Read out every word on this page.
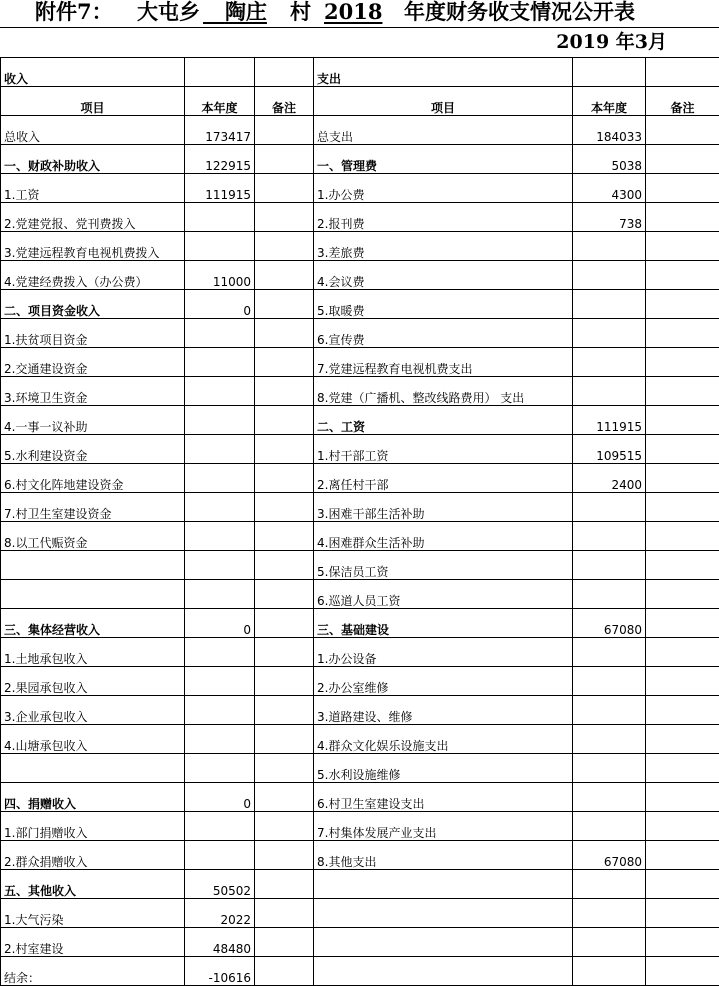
附件7： 大屯乡	陶庄 村 2018 年度财务收支情况公开表
2019 年3月
收入			支出		
项目	本年度	备注	项目	本年度	备注
总收入	173417		总支出	184033	
一、财政补助收入	122915		一、管理费	5038	
1.工资	111915		1.办公费	4300	
2.党建党报、党刊费拨入			2.报刊费	738	
3.党建远程教育电视机费拨入			3.差旅费		
4.党建经费拨入（办公费）	11000		4.会议费		
二、项目资金收入	0		5.取暖费		
1.扶贫项目资金			6.宣传费		
2.交通建设资金			7.党建远程教育电视机费支出		
3.环境卫生资金			8.党建（广播机、整改线路费用） 支出		
4.一事一议补助			二、工资	111915	
5.水利建设资金			1.村干部工资	109515	
6.村文化阵地建设资金			2.离任村干部	2400	
7.村卫生室建设资金			3.困难干部生活补助		
8.以工代赈资金			4.困难群众生活补助		
			5.保洁员工资		
			6.巡道人员工资		
三、集体经营收入	0		三、基础建设	67080	
1.土地承包收入			1.办公设备		
2.果园承包收入			2.办公室维修		
3.企业承包收入			3.道路建设、维修		
4.山塘承包收入			4.群众文化娱乐设施支出		
			5.水利设施维修		
四、捐赠收入	0		6.村卫生室建设支出		
1.部门捐赠收入			7.村集体发展产业支出		
2.群众捐赠收入			8.其他支出	67080	
五、其他收入	50502				
1.大气污染	2022				
2.村室建设	48480				
结余：	-10616				
